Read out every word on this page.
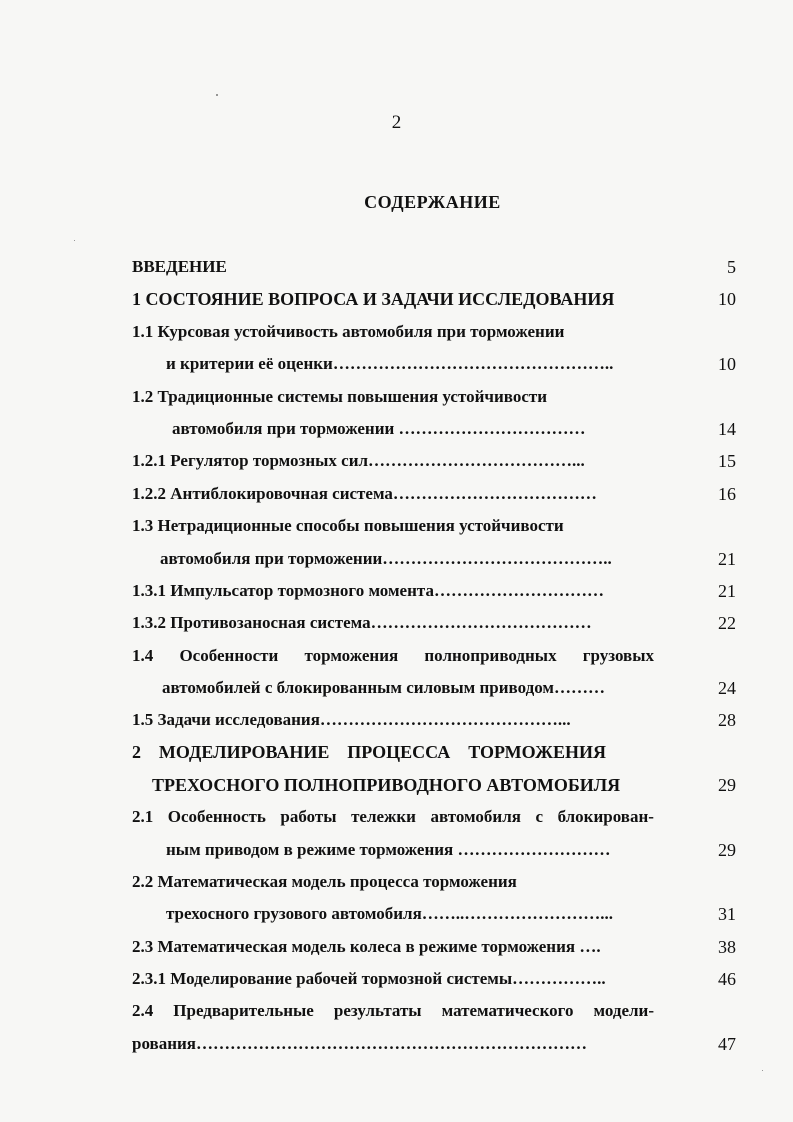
2
СОДЕРЖАНИЕ
ВВЕДЕНИЕ	5
1 СОСТОЯНИЕ ВОПРОСА И ЗАДАЧИ ИССЛЕДОВАНИЯ	10
1.1 Курсовая устойчивость автомобиля при торможении
и критерии её оценки…………………………………………..	10
1.2 Традиционные системы повышения устойчивости
автомобиля при торможении ……………………………	14
1.2.1 Регулятор тормозных сил………………………………...	15
1.2.2 Антиблокировочная система………………………………	16
1.3 Нетрадиционные способы повышения устойчивости
автомобиля при торможении…………………………………..	21
1.3.1 Импульсатор тормозного момента…………………………	21
1.3.2 Противозаносная система…………………………………	22
1.4 Особенности торможения полноприводных грузовых
автомобилей с блокированным силовым приводом………	24
1.5 Задачи исследования……………………………………...	28
2 МОДЕЛИРОВАНИЕ ПРОЦЕССА ТОРМОЖЕНИЯ
ТРЕХОСНОГО ПОЛНОПРИВОДНОГО АВТОМОБИЛЯ	29
2.1 Особенность работы тележки автомобиля с блокирован-
ным приводом в режиме торможения ………………………	29
2.2 Математическая модель процесса торможения
трехосного грузового автомобиля……..……………………...	31
2.3 Математическая модель колеса в режиме торможения ….	38
2.3.1 Моделирование рабочей тормозной системы……………..	46
2.4 Предварительные результаты математического модели-
рования……………………………………………………………	47
